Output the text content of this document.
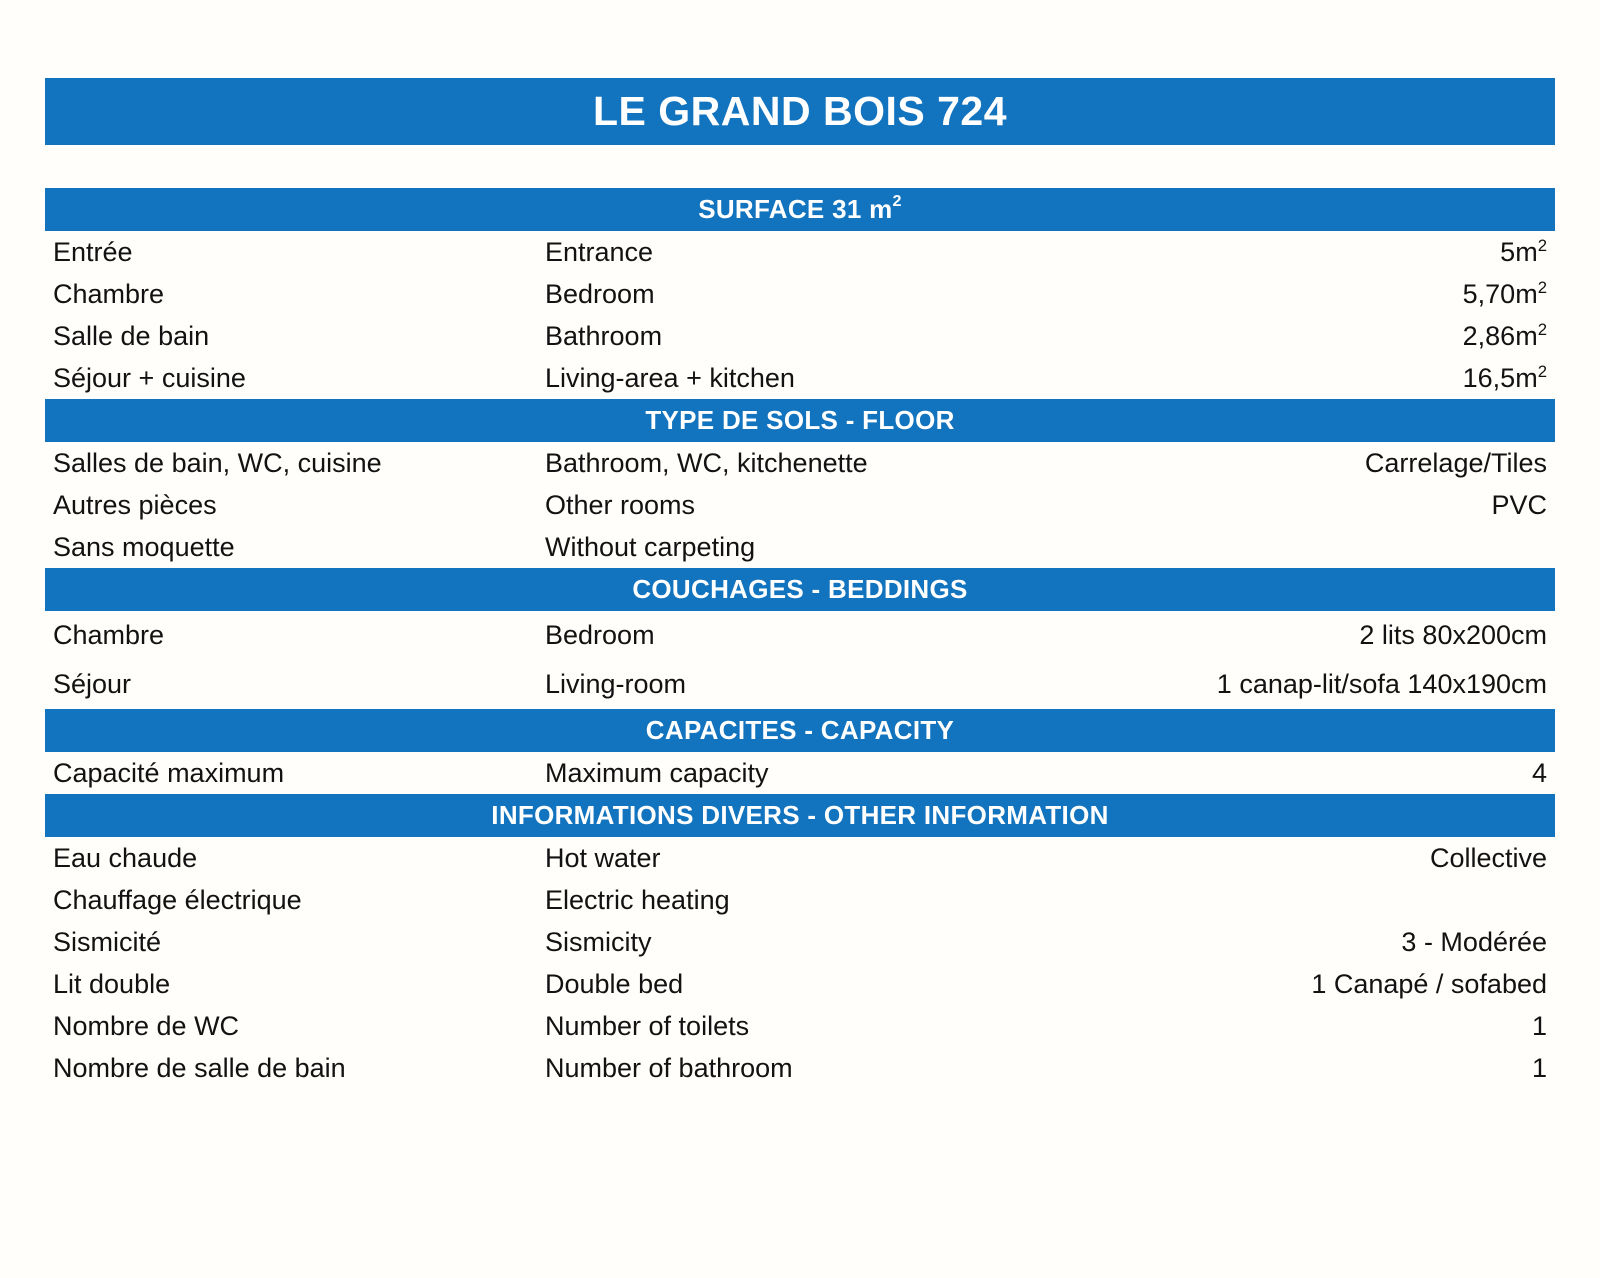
LE GRAND BOIS 724
SURFACE 31 m 2
Entrée	Entrance	$5m^2$
Chambre	Bedroom	$5,70m^2$
Salle de bain	Bathroom	$2,86m^2$
Séjour + cuisine	Living-area + kitchen	$16,5m^2$
TYPE DE SOLS - FLOOR
Salles de bain, WC, cuisine	Bathroom, WC, kitchenette	Carrelage/Tiles
Autres pièces	Other rooms	PVC
Sans moquette	Without carpeting
COUCHAGES - BEDDINGS
Chambre	Bedroom	2 lits 80x200cm
Séjour	Living-room	1 canap-lit/sofa 140x190cm
CAPACITES - CAPACITY
Capacité maximum	Maximum capacity	4
INFORMATIONS DIVERS - OTHER INFORMATION
Eau chaude	Hot water	Collective
Chauffage électrique	Electric heating
Sismicité	Sismicity	3 - Modérée
Lit double	Double bed	1 Canapé / sofabed
Nombre de WC	Number of toilets	1
Nombre de salle de bain	Number of bathroom	1
